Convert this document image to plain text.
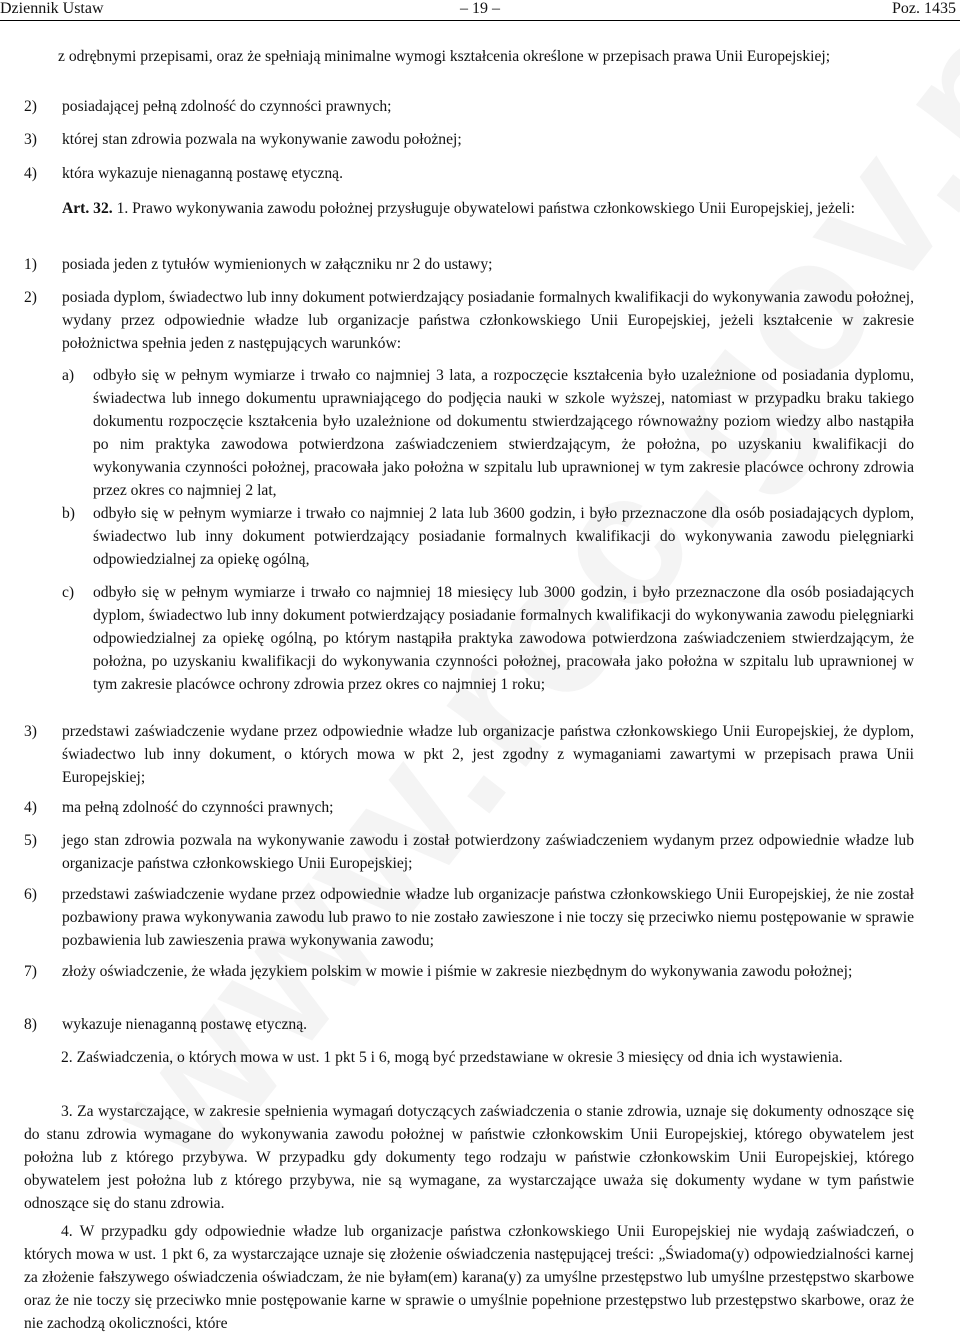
Dziennik Ustaw	– 19 –	Poz. 1435

z odrębnymi przepisami, oraz że spełniają minimalne wymogi kształcenia określone w przepisach prawa Unii Europejskiej;

2) posiadającej pełną zdolność do czynności prawnych;

3) której stan zdrowia pozwala na wykonywanie zawodu położnej;

4) która wykazuje nienaganną postawę etyczną.

Art. 32. 1. Prawo wykonywania zawodu położnej przysługuje obywatelowi państwa członkowskiego Unii Europejskiej, jeżeli:

1) posiada jeden z tytułów wymienionych w załączniku nr 2 do ustawy;

2) posiada dyplom, świadectwo lub inny dokument potwierdzający posiadanie formalnych kwalifikacji do wykonywania zawodu położnej, wydany przez odpowiednie władze lub organizacje państwa członkowskiego Unii Europejskiej, jeżeli kształcenie w zakresie położnictwa spełnia jeden z następujących warunków:

a) odbyło się w pełnym wymiarze i trwało co najmniej 3 lata, a rozpoczęcie kształcenia było uzależnione od posiadania dyplomu, świadectwa lub innego dokumentu uprawniającego do podjęcia nauki w szkole wyższej, natomiast w przypadku braku takiego dokumentu rozpoczęcie kształcenia było uzależnione od dokumentu stwierdzającego równoważny poziom wiedzy albo nastąpiła po nim praktyka zawodowa potwierdzona zaświadczeniem stwierdzającym, że położna, po uzyskaniu kwalifikacji do wykonywania czynności położnej, pracowała jako położna w szpitalu lub uprawnionej w tym zakresie placówce ochrony zdrowia przez okres co najmniej 2 lat,

b) odbyło się w pełnym wymiarze i trwało co najmniej 2 lata lub 3600 godzin, i było przeznaczone dla osób posiadających dyplom, świadectwo lub inny dokument potwierdzający posiadanie formalnych kwalifikacji do wykonywania zawodu pielęgniarki odpowiedzialnej za opiekę ogólną,

c) odbyło się w pełnym wymiarze i trwało co najmniej 18 miesięcy lub 3000 godzin, i było przeznaczone dla osób posiadających dyplom, świadectwo lub inny dokument potwierdzający posiadanie formalnych kwalifikacji do wykonywania zawodu pielęgniarki odpowiedzialnej za opiekę ogólną, po którym nastąpiła praktyka zawodowa potwierdzona zaświadczeniem stwierdzającym, że położna, po uzyskaniu kwalifikacji do wykonywania czynności położnej, pracowała jako położna w szpitalu lub uprawnionej w tym zakresie placówce ochrony zdrowia przez okres co najmniej 1 roku;

3) przedstawi zaświadczenie wydane przez odpowiednie władze lub organizacje państwa członkowskiego Unii Europejskiej, że dyplom, świadectwo lub inny dokument, o których mowa w pkt 2, jest zgodny z wymaganiami zawartymi w przepisach prawa Unii Europejskiej;

4) ma pełną zdolność do czynności prawnych;

5) jego stan zdrowia pozwala na wykonywanie zawodu i został potwierdzony zaświadczeniem wydanym przez odpowiednie władze lub organizacje państwa członkowskiego Unii Europejskiej;

6) przedstawi zaświadczenie wydane przez odpowiednie władze lub organizacje państwa członkowskiego Unii Europejskiej, że nie został pozbawiony prawa wykonywania zawodu lub prawo to nie zostało zawieszone i nie toczy się przeciwko niemu postępowanie w sprawie pozbawienia lub zawieszenia prawa wykonywania zawodu;

7) złoży oświadczenie, że włada językiem polskim w mowie i piśmie w zakresie niezbędnym do wykonywania zawodu położnej;

8) wykazuje nienaganną postawę etyczną.

2. Zaświadczenia, o których mowa w ust. 1 pkt 5 i 6, mogą być przedstawiane w okresie 3 miesięcy od dnia ich wystawienia.

3. Za wystarczające, w zakresie spełnienia wymagań dotyczących zaświadczenia o stanie zdrowia, uznaje się dokumenty odnoszące się do stanu zdrowia wymagane do wykonywania zawodu położnej w państwie członkowskim Unii Europejskiej, którego obywatelem jest położna lub z którego przybywa. W przypadku gdy dokumenty tego rodzaju w państwie członkowskim Unii Europejskiej, którego obywatelem jest położna lub z którego przybywa, nie są wymagane, za wystarczające uważa się dokumenty wydane w tym państwie odnoszące się do stanu zdrowia.

4. W przypadku gdy odpowiednie władze lub organizacje państwa członkowskiego Unii Europejskiej nie wydają zaświadczeń, o których mowa w ust. 1 pkt 6, za wystarczające uznaje się złożenie oświadczenia następującej treści: „Świadoma(y) odpowiedzialności karnej za złożenie fałszywego oświadczenia oświadczam, że nie byłam(em) karana(y) za umyślne przestępstwo lub umyślne przestępstwo skarbowe oraz że nie toczy się przeciwko mnie postępowanie karne w sprawie o umyślnie popełnione przestępstwo lub przestępstwo skarbowe, oraz że nie zachodzą okoliczności, które
